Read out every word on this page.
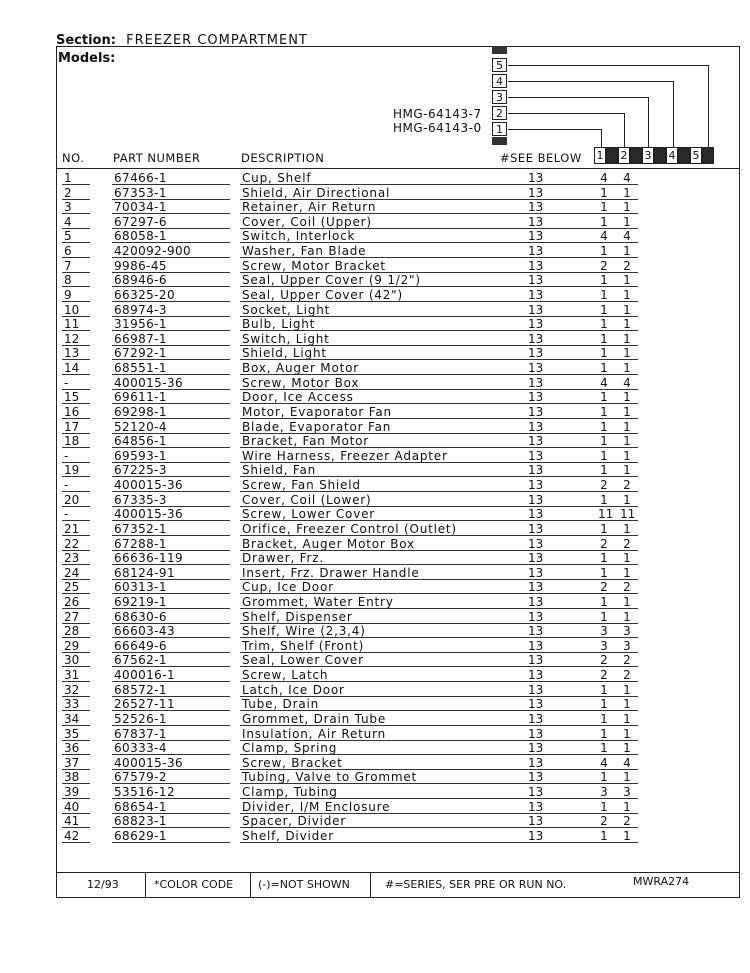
Section: FREEZER COMPARTMENT
Models:	5
4
3
2
1
HMG-64143-7
HMG-64143-0
NO. PART NUMBER	DESCRIPTION	#SEE BELOW 1 2 3 4 5
1	67466-1	Cup, Shelf	13	4 4
2	67353-1	Shield, Air Directional	13	1 1
3	70034-1	Retainer, Air Return	13	1 1
4	67297-6	Cover, Coil (Upper)	13	1 1
5	68058-1	Switch, Interlock	13	4 4
6	420092-900	Washer, Fan Blade	13	1 1
7	9986-45	Screw, Motor Bracket	13	2 2
8	68946-6	Seal, Upper Cover (9 1/2")	13	1 1
9	66325-20	Seal, Upper Cover (42")	13	1 1
10	68974-3	Socket, Light	13	1 1
11	31956-1	Bulb, Light	13	1 1
12	66987-1	Switch, Light	13	1 1
13	67292-1	Shield, Light	13	1 1
14	68551-1	Box, Auger Motor	13	1 1
-	400015-36	Screw, Motor Box	13	4 4
15	69611-1	Door, Ice Access	13	1 1
16	69298-1	Motor, Evaporator Fan	13	1 1
17	52120-4	Blade, Evaporator Fan	13	1 1
18	64856-1	Bracket, Fan Motor	13	1 1
-	69593-1	Wire Harness, Freezer Adapter	13	1 1
19	67225-3	Shield, Fan	13	1 1
-	400015-36	Screw, Fan Shield	13	2 2
20	67335-3	Cover, Coil (Lower)	13	1 1
-	400015-36	Screw, Lower Cover	13	11 11
21	67352-1	Orifice, Freezer Control (Outlet)	13	1 1
22	67288-1	Bracket, Auger Motor Box	13	2 2
23	66636-119	Drawer, Frz.	13	1 1
24	68124-91	Insert, Frz. Drawer Handle	13	1 1
25	60313-1	Cup, Ice Door	13	2 2
26	69219-1	Grommet, Water Entry	13	1 1
27	68630-6	Shelf, Dispenser	13	1 1
28	66603-43	Shelf, Wire (2,3,4)	13	3 3
29	66649-6	Trim, Shelf (Front)	13	3 3
30	67562-1	Seal, Lower Cover	13	2 2
31	400016-1	Screw, Latch	13	2 2
32	68572-1	Latch, Ice Door	13	1 1
33	26527-11	Tube, Drain	13	1 1
34	52526-1	Grommet, Drain Tube	13	1 1
35	67837-1	Insulation, Air Return	13	1 1
36	60333-4	Clamp, Spring	13	1 1
37	400015-36	Screw, Bracket	13	4 4
38	67579-2	Tubing, Valve to Grommet	13	1 1
39	53516-12	Clamp, Tubing	13	3 3
40	68654-1	Divider, I/M Enclosure	13	1 1
41	68823-1	Spacer, Divider	13	2 2
42	68629-1	Shelf, Divider	13	1 1
12/93	*COLOR CODE (-)=NOT SHOWN	#=SERIES, SER PRE OR RUN NO.	MWRA274
